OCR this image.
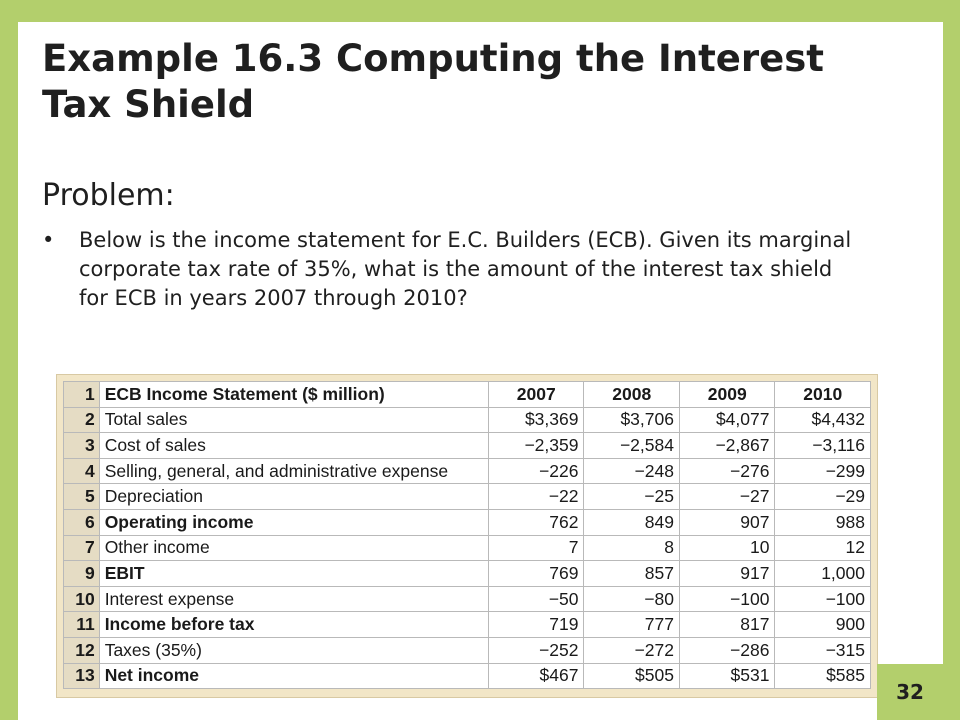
Example 16.3 Computing the Interest Tax Shield
Problem:
•	Below is the income statement for E.C. Builders (ECB). Given its marginal corporate tax rate of 35%, what is the amount of the interest tax shield for ECB in years 2007 through 2010?
1	ECB Income Statement ($ million)	2007	2008	2009	2010
2	Total sales	$3,369	$3,706	$4,077	$4,432
3	Cost of sales	−2,359	−2,584	−2,867	−3,116
4	Selling, general, and administrative expense	−226	−248	−276	−299
5	Depreciation	−22	−25	−27	−29
6	Operating income	762	849	907	988
7	Other income	7	8	10	12
9	EBIT	769	857	917	1,000
10	Interest expense	−50	−80	−100	−100
11	Income before tax	719	777	817	900
12	Taxes (35%)	−252	−272	−286	−315
13	Net income	$467	$505	$531	$585
32
